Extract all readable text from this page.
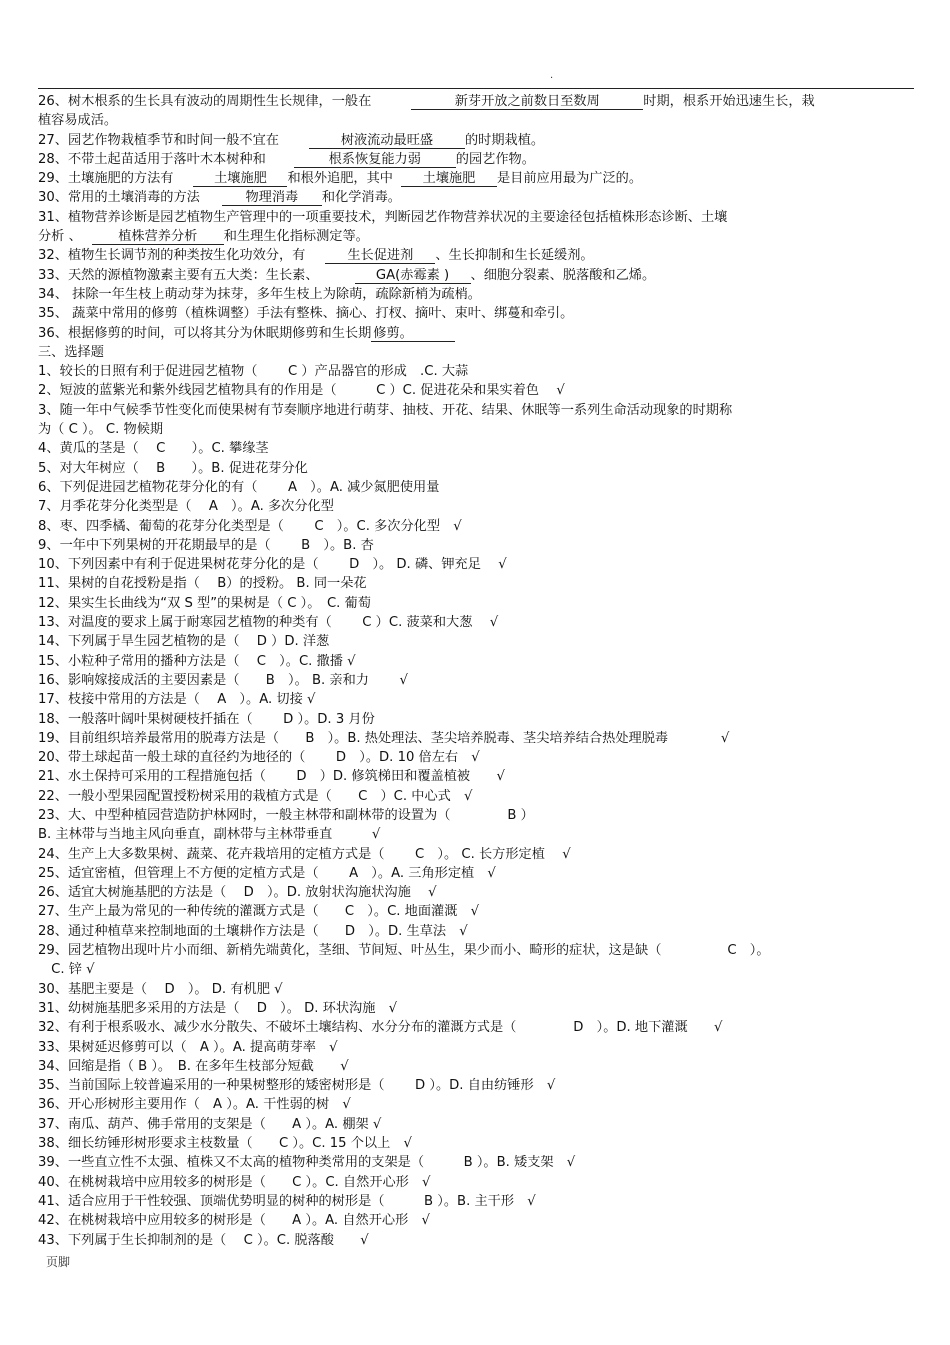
.
26、树木根系的生长具有波动的周期性生长规律，一般在	新芽开放之前数日至数周	时期，根系开始迅速生长，栽
植容易成活。
27、园艺作物栽植季节和时间一般不宜在	树液流动最旺盛 的时期栽植。
28、不带土起苗适用于落叶木本树种和	根系恢复能力弱	的园艺作物。
29、土壤施肥的方法有	土壤施肥 和根外追肥，其中 土壤施肥 是目前应用最为广泛的。
30、常用的土壤消毒的方法	物理消毒 和化学消毒。
31、植物营养诊断是园艺植物生产管理中的一项重要技术，判断园艺作物营养状况的主要途径包括植株形态诊断、土壤
分析 、	植株营养分析 和生理生化指标测定等。
32、植物生长调节剂的种类按生化功效分，有	生长促进剂 、生长抑制和生长延缓剂。
33、天然的源植物激素主要有五大类：生长素、	GA(赤霉素 ) 、细胞分裂素、脱落酸和乙烯。
34、 抹除一年生枝上萌动芽为抹芽，多年生枝上为除萌，疏除新梢为疏梢。
35、 蔬菜中常用的修剪（植株调整）手法有整株、摘心、打杈、摘叶、束叶、绑蔓和牵引。
36、根据修剪的时间，可以将其分为休眠期修剪和生长期 修剪。
三、选择题
1、较长的日照有利于促进园艺植物（　　 C ）产品器官的形成　.C. 大蒜
2、短波的蓝紫光和紫外线园艺植物具有的作用是（　　　C ）C. 促进花朵和果实着色　 √
3、随一年中气候季节性变化而使果树有节奏顺序地进行萌芽、抽枝、开花、结果、休眠等一系列生命活动现象的时期称
为（ C ）。 C. 物候期
4、黄瓜的茎是（　 C　　）。C. 攀缘茎
5、对大年树应（　 B　　）。B. 促进花芽分化
6、下列促进园艺植物花芽分化的有（　　 A　）。A. 减少氮肥使用量
7、月季花芽分化类型是（　 A　）。A. 多次分化型
8、枣、四季橘、葡萄的花芽分化类型是（　　 C　）。C. 多次分化型　√
9、一年中下列果树的开花期最早的是（　　 B　）。B. 杏
10、下列因素中有利于促进果树花芽分化的是（　　 D　）。 D. 磷、钾充足　 √
11、果树的自花授粉是指（　 B）的授粉。 B. 同一朵花
12、果实生长曲线为“双 S 型”的果树是（ C ）。　C. 葡萄
13、对温度的要求上属于耐寒园艺植物的种类有（　　 C ）C. 菠菜和大葱　 √
14、下列属于旱生园艺植物的是（　 D ）D. 洋葱
15、小粒种子常用的播种方法是（　 C　）。C. 撒播 √
16、影响嫁接成活的主要因素是（　　B　）。 B. 亲和力　　 √
17、枝接中常用的方法是（　 A　）。A. 切接 √
18、一般落叶阔叶果树硬枝扦插在（　　 D ）。D. 3 月份
19、目前组织培养最常用的脱毒方法是（　　B　）。B. 热处理法、茎尖培养脱毒、茎尖培养结合热处理脱毒　　　　√
20、带土球起苗一般土球的直径约为地径的（　　 D　）。D. 10 倍左右　√
21、水土保持可采用的工程措施包括（　　 D　）D. 修筑梯田和覆盖植被　　√
22、一般小型果园配置授粉树采用的栽植方式是（　　C　）C. 中心式　√
23、大、中型种植园营造防护林网时，一般主林带和副林带的设置为（　　　　 B ）
B. 主林带与当地主风向垂直，副林带与主林带垂直　　　√
24、生产上大多数果树、蔬菜、花卉栽培用的定植方式是（　　 C　）。 C. 长方形定植　 √
25、适宜密植，但管理上不方便的定植方式是（　　 A　）。A. 三角形定植　√
26、适宜大树施基肥的方法是（　 D　）。D. 放射状沟施状沟施　 √
27、生产上最为常见的一种传统的灌溉方式是（　　C　）。C. 地面灌溉　√
28、通过种植草来控制地面的土壤耕作方法是（　　D　）。D. 生草法　√
29、园艺植物出现叶片小而细、新梢先端黄化，茎细、节间短、叶丛生，果少而小、畸形的症状，这是缺（　　　　　C　）。
　C. 锌 √
30、基肥主要是（　 D　）。 D. 有机肥 √
31、幼树施基肥多采用的方法是（　 D　）。 D. 环状沟施　√
32、有利于根系吸水、减少水分散失、不破坏土壤结构、水分分布的灌溉方式是（　　　　 D　）。D. 地下灌溉　　√
33、果树延迟修剪可以（　A ）。A. 提高萌芽率　√
34、回缩是指（ B ）。　B. 在多年生枝部分短截　　√
35、当前国际上较普遍采用的一种果树整形的矮密树形是（　　 D ）。D. 自由纺锤形　√
36、开心形树形主要用作（　A ）。A. 干性弱的树　√
37、南瓜、葫芦、佛手常用的支架是（　　A ）。A. 棚架 √
38、细长纺锤形树形要求主枝数量（　　C ）。C. 15 个以上　√
39、一些直立性不太强、植株又不太高的植物种类常用的支架是（　　　B ）。B. 矮支架　√
40、在桃树栽培中应用较多的树形是（　　C ）。C. 自然开心形　√
41、适合应用于干性较强、顶端优势明显的树种的树形是（　　　B ）。B. 主干形　√
42、在桃树栽培中应用较多的树形是（　　A ）。A. 自然开心形　√
43、下列属于生长抑制剂的是（　 C ）。C. 脱落酸　　√
页脚
